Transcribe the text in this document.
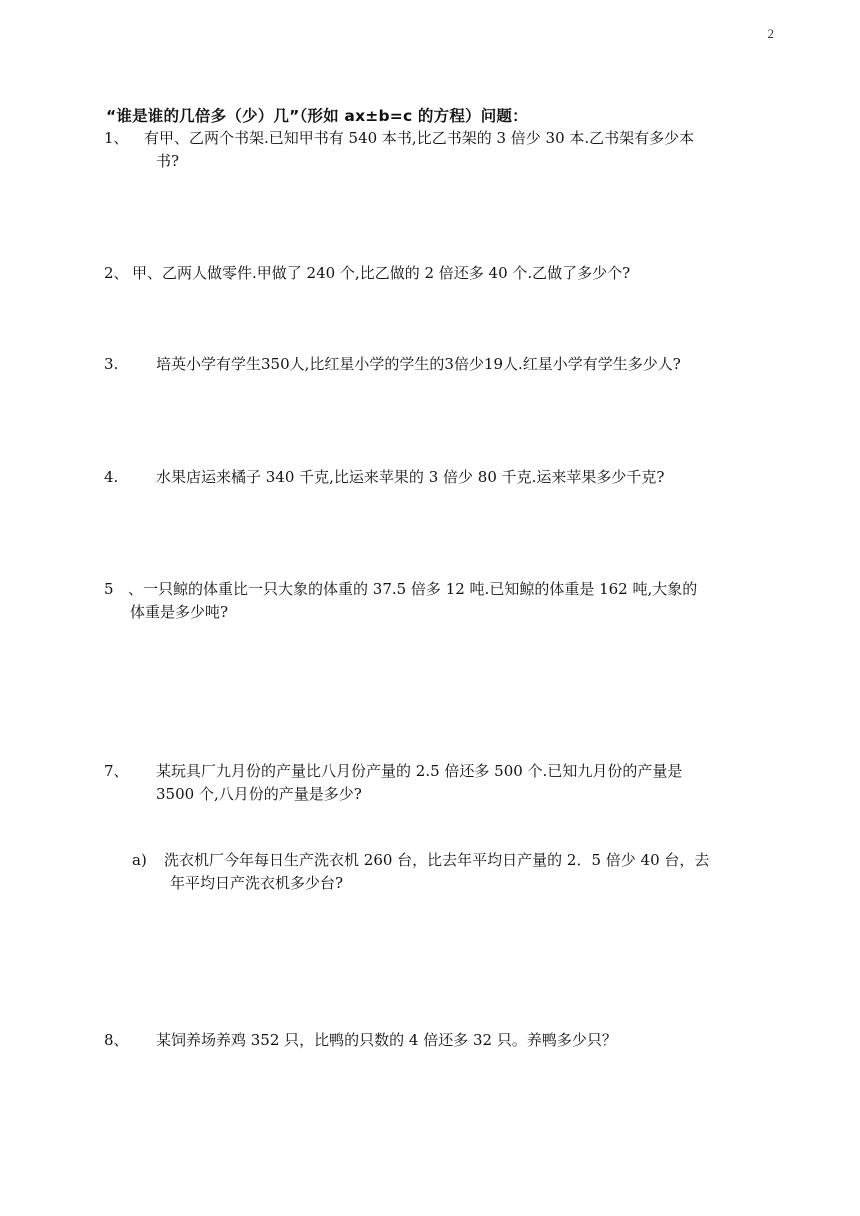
2
“谁是谁的几倍多（少）几”（形如 ax±b=c 的方程）问题：
1、 有甲、乙两个书架.已知甲书有 540 本书,比乙书架的 3 倍少 30 本.乙书架有多少本
书?
2、 甲、乙两人做零件.甲做了 240 个,比乙做的 2 倍还多 40 个.乙做了多少个?
3.	培英小学有学生350人,比红星小学的学生的3倍少19人.红星小学有学生多少人?
4.	水果店运来橘子 340 千克,比运来苹果的 3 倍少 80 千克.运来苹果多少千克?
5 、一只鲸的体重比一只大象的体重的 37.5 倍多 12 吨.已知鲸的体重是 162 吨,大象的
体重是多少吨?
7、 某玩具厂九月份的产量比八月份产量的 2.5 倍还多 500 个.已知九月份的产量是
3500 个,八月份的产量是多少?
a) 洗衣机厂今年每日生产洗衣机 260 台，比去年平均日产量的 2．5 倍少 40 台，去
年平均日产洗衣机多少台?
8、 某饲养场养鸡 352 只，比鸭的只数的 4 倍还多 32 只。养鸭多少只？
